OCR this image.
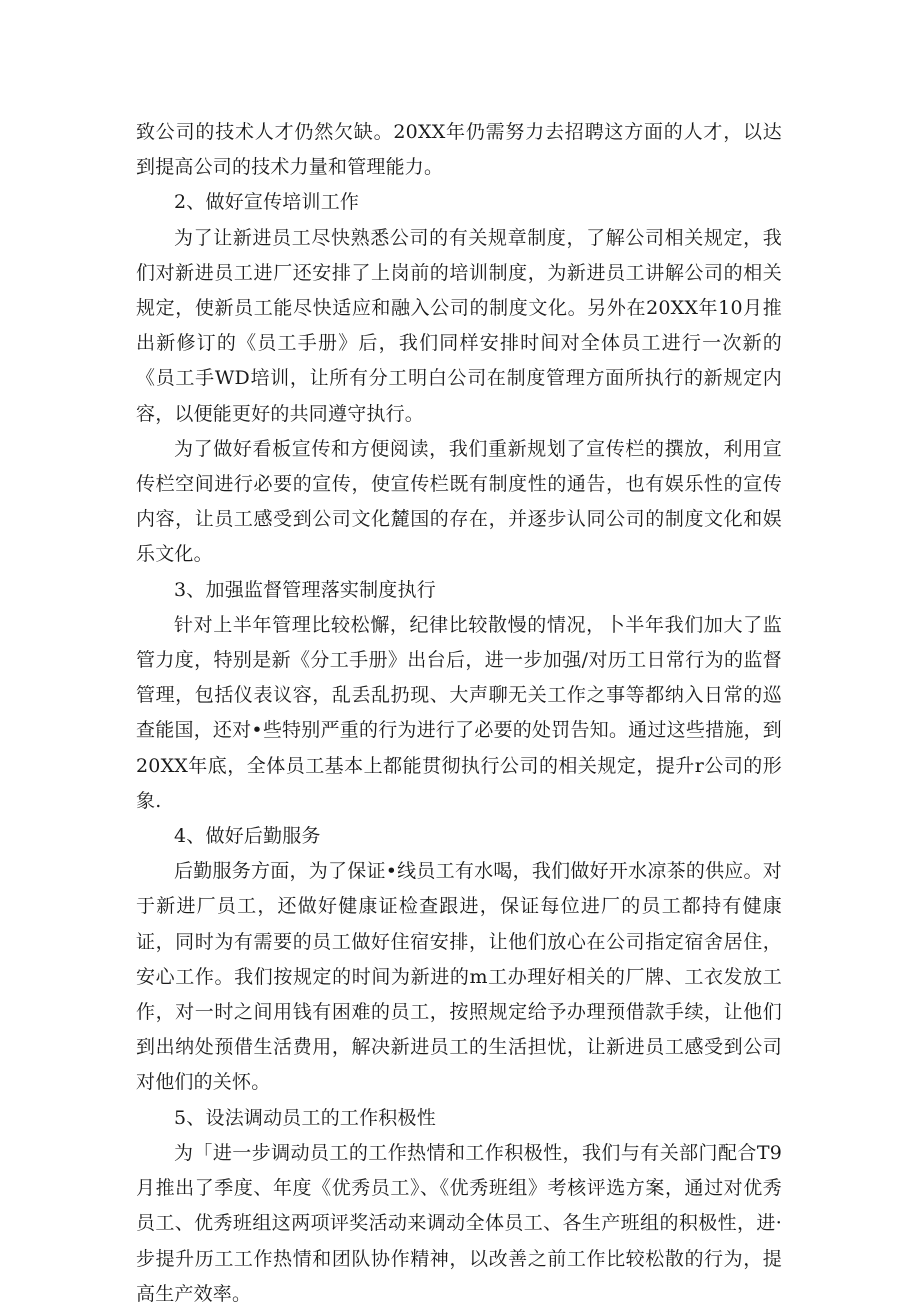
致公司的技术人才仍然欠缺。20XX年仍需努力去招聘这方面的人才，以达到提高公司的技术力量和管理能力。

2、做好宣传培训工作

为了让新进员工尽快熟悉公司的有关规章制度，了解公司相关规定，我们对新进员工进厂还安排了上岗前的培训制度，为新进员工讲解公司的相关规定，使新员工能尽快适应和融入公司的制度文化。另外在20XX年10月推出新修订的《员工手册》后，我们同样安排时间对全体员工进行一次新的《员工手WD培训，让所有分工明白公司在制度管理方面所执行的新规定内容，以便能更好的共同遵守执行。

为了做好看板宣传和方便阅读，我们重新规划了宣传栏的撰放，利用宣传栏空间进行必要的宣传，使宣传栏既有制度性的通告，也有娱乐性的宣传内容，让员工感受到公司文化麓国的存在，并逐步认同公司的制度文化和娱乐文化。

3、加强监督管理落实制度执行

针对上半年管理比较松懈，纪律比较散慢的情况，卜半年我们加大了监管力度，特别是新《分工手册》出台后，进一步加强/对历工日常行为的监督管理，包括仪表议容，乱丢乱扔现、大声聊无关工作之事等都纳入日常的巡查能国，还对•些特别严重的行为进行了必要的处罚告知。通过这些措施，到20XX年底，全体员工基本上都能贯彻执行公司的相关规定，提升r公司的形象.

4、做好后勤服务

后勤服务方面，为了保证•线员工有水喝，我们做好开水凉茶的供应。对于新进厂员工，还做好健康证检查跟进，保证每位进厂的员工都持有健康证，同时为有需要的员工做好住宿安排，让他们放心在公司指定宿舍居住，安心工作。我们按规定的时间为新进的m工办理好相关的厂牌、工衣发放工作，对一时之间用钱有困难的员工，按照规定给予办理预借款手续，让他们到出纳处预借生活费用，解决新进员工的生活担忧，让新进员工感受到公司对他们的关怀。

5、设法调动员工的工作积极性

为「进一步调动员工的工作热情和工作积极性，我们与有关部门配合T9月推出了季度、年度《优秀员工》、《优秀班组》考核评选方案，通过对优秀员工、优秀班组这两项评奖活动来调动全体员工、各生产班组的积极性，进·步提升历工工作热情和团队协作精神，以改善之前工作比较松散的行为，提高生产效率。
